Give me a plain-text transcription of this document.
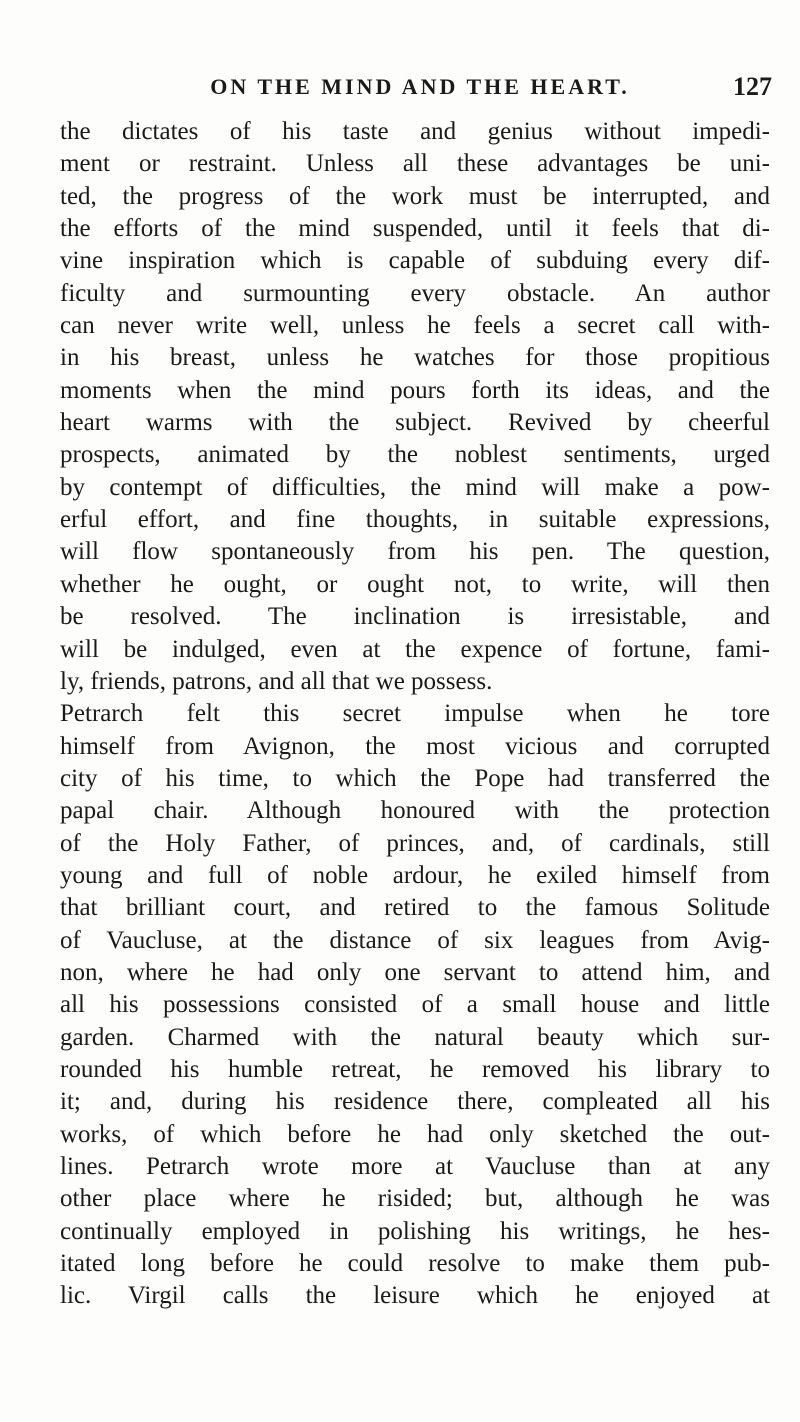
ON THE MIND AND THE HEART.	127
the dictates of his taste and genius without impedi-
ment or restraint. Unless all these advantages be uni-
ted, the progress of the work must be interrupted, and
the efforts of the mind suspended, until it feels that di-
vine inspiration which is capable of subduing every dif-
ficulty and surmounting every obstacle. An author
can never write well, unless he feels a secret call with-
in his breast, unless he watches for those propitious
moments when the mind pours forth its ideas, and the
heart warms with the subject. Revived by cheerful
prospects, animated by the noblest sentiments, urged
by contempt of difficulties, the mind will make a pow-
erful effort, and fine thoughts, in suitable expressions,
will flow spontaneously from his pen. The question,
whether he ought, or ought not, to write, will then
be resolved. The inclination is irresistable, and
will be indulged, even at the expence of fortune, fami-
ly, friends, patrons, and all that we possess.
Petrarch felt this secret impulse when he tore
himself from Avignon, the most vicious and corrupted
city of his time, to which the Pope had transferred the
papal chair. Although honoured with the protection
of the Holy Father, of princes, and, of cardinals, still
young and full of noble ardour, he exiled himself from
that brilliant court, and retired to the famous Solitude
of Vaucluse, at the distance of six leagues from Avig-
non, where he had only one servant to attend him, and
all his possessions consisted of a small house and little
garden. Charmed with the natural beauty which sur-
rounded his humble retreat, he removed his library to
it; and, during his residence there, compleated all his
works, of which before he had only sketched the out-
lines. Petrarch wrote more at Vaucluse than at any
other place where he risided; but, although he was
continually employed in polishing his writings, he hes-
itated long before he could resolve to make them pub-
lic. Virgil calls the leisure which he enjoyed at
